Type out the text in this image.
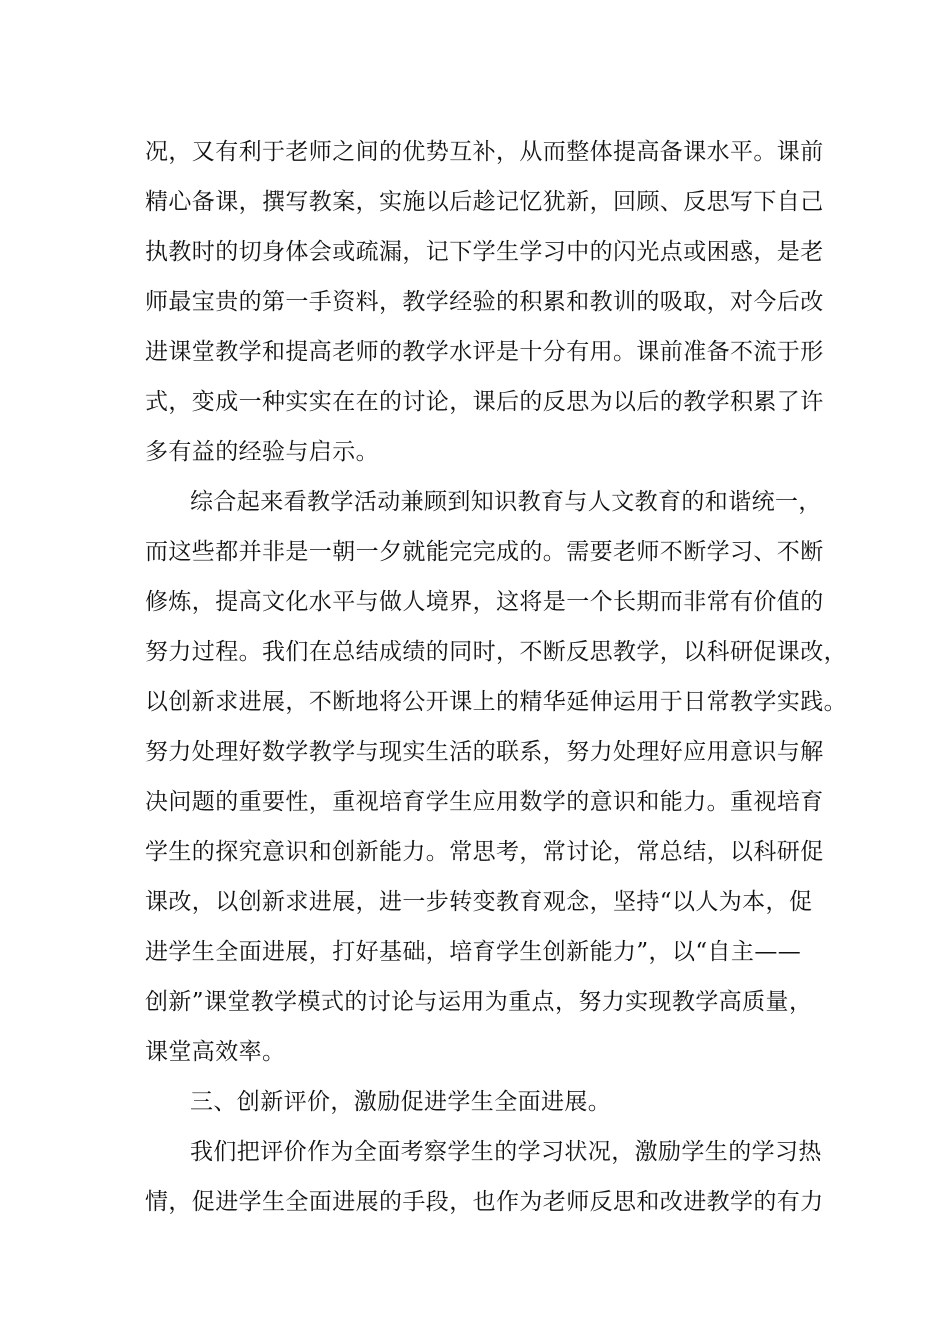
况，又有利于老师之间的优势互补，从而整体提高备课水平。课前
精心备课，撰写教案，实施以后趁记忆犹新，回顾、反思写下自己
执教时的切身体会或疏漏，记下学生学习中的闪光点或困惑，是老
师最宝贵的第一手资料，教学经验的积累和教训的吸取，对今后改
进课堂教学和提高老师的教学水评是十分有用。课前准备不流于形
式，变成一种实实在在的讨论，课后的反思为以后的教学积累了许
多有益的经验与启示。
综合起来看教学活动兼顾到知识教育与人文教育的和谐统一，
而这些都并非是一朝一夕就能完完成的。需要老师不断学习、不断
修炼，提高文化水平与做人境界，这将是一个长期而非常有价值的
努力过程。我们在总结成绩的同时，不断反思教学，以科研促课改，
以创新求进展，不断地将公开课上的精华延伸运用于日常教学实践。
努力处理好数学教学与现实生活的联系，努力处理好应用意识与解
决问题的重要性，重视培育学生应用数学的意识和能力。重视培育
学生的探究意识和创新能力。常思考，常讨论，常总结，以科研促
课改，以创新求进展，进一步转变教育观念，坚持“以人为本，促
进学生全面进展，打好基础，培育学生创新能力”，以“自主——
创新”课堂教学模式的讨论与运用为重点，努力实现教学高质量，
课堂高效率。
三、创新评价，激励促进学生全面进展。
我们把评价作为全面考察学生的学习状况，激励学生的学习热
情，促进学生全面进展的手段，也作为老师反思和改进教学的有力
